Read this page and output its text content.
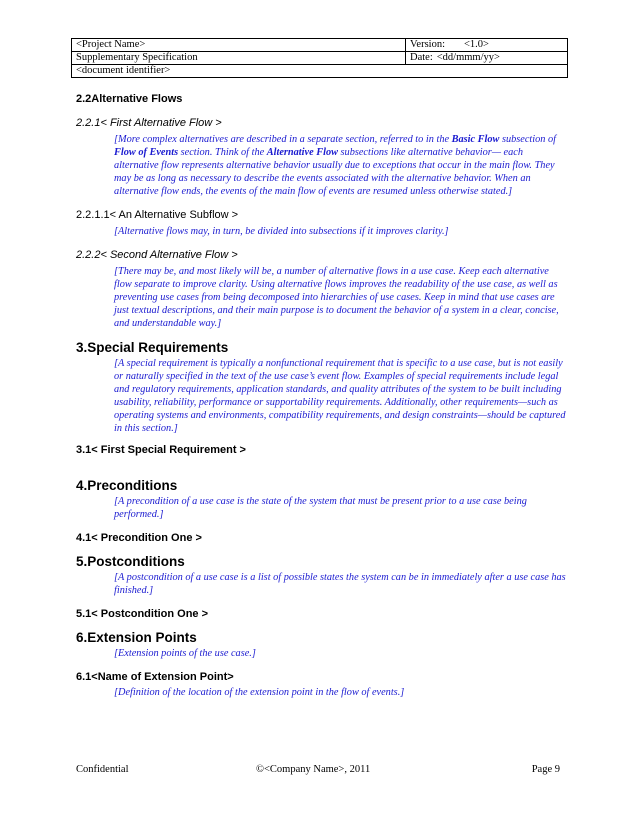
<Project Name>	Version: <1.0>
Supplementary Specification	Date: <dd/mmm/yy>
<document identifier>	

2.2Alternative Flows

2.2.1< First Alternative Flow >

[More complex alternatives are described in a separate section, referred to in the Basic Flow subsection of Flow of Events section. Think of the Alternative Flow subsections like alternative behavior— each alternative flow represents alternative behavior usually due to exceptions that occur in the main flow. They may be as long as necessary to describe the events associated with the alternative behavior. When an alternative flow ends, the events of the main flow of events are resumed unless otherwise stated.]

2.2.1.1< An Alternative Subflow >

[Alternative flows may, in turn, be divided into subsections if it improves clarity.]

2.2.2< Second Alternative Flow >

[There may be, and most likely will be, a number of alternative flows in a use case. Keep each alternative flow separate to improve clarity. Using alternative flows improves the readability of the use case, as well as preventing use cases from being decomposed into hierarchies of use cases. Keep in mind that use cases are just textual descriptions, and their main purpose is to document the behavior of a system in a clear, concise, and understandable way.]

3.Special Requirements

[A special requirement is typically a nonfunctional requirement that is specific to a use case, but is not easily or naturally specified in the text of the use case’s event flow. Examples of special requirements include legal and regulatory requirements, application standards, and quality attributes of the system to be built including usability, reliability, performance or supportability requirements. Additionally, other requirements—such as operating systems and environments, compatibility requirements, and design constraints—should be captured in this section.]

3.1< First Special Requirement >

4.Preconditions

[A precondition of a use case is the state of the system that must be present prior to a use case being performed.]

4.1< Precondition One >

5.Postconditions

[A postcondition of a use case is a list of possible states the system can be in immediately after a use case has finished.]

5.1< Postcondition One >

6.Extension Points

[Extension points of the use case.]

6.1<Name of Extension Point>

[Definition of the location of the extension point in the flow of events.]

Confidential	©<Company Name>, 2011	Page 9
